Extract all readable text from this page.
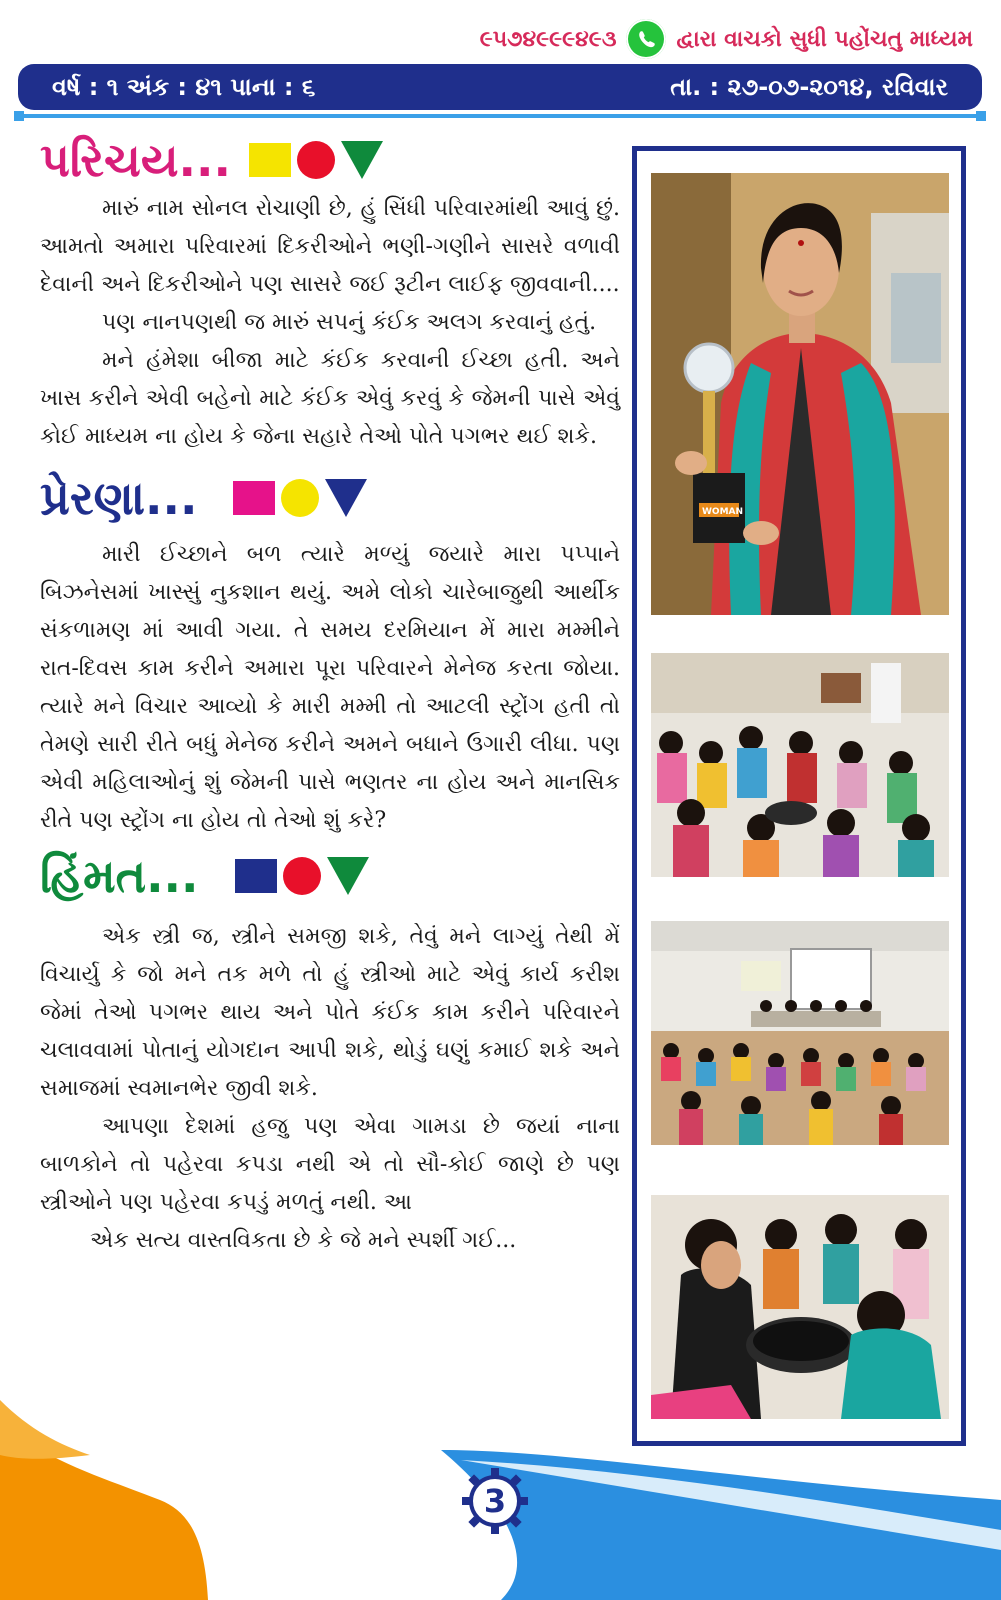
૯૫૭૪૯૯૯૪૯૩	દ્વારા વાચકો સુધી પહોંચતુ માધ્યમ
વર્ષ : ૧ અંક : ૪૧ પાના : ૬	તા. : ૨૭-૦૭-૨૦૧૪, રવિવાર
પરિચય...

મારું નામ સોનલ રોચાણી છે, હું સિંધી પરિવારમાંથી આવું છું. આમતો અમારા પરિવારમાં દિકરીઓને ભણી-ગણીને સાસરે વળાવી દેવાની અને દિકરીઓને પણ સાસરે જઈ રૂટીન લાઈફ જીવવાની....

પણ નાનપણથી જ મારું સપનું કંઈક અલગ કરવાનું હતું.

મને હંમેશા બીજા માટે કંઈક કરવાની ઈચ્છા હતી. અને ખાસ કરીને એવી બહેનો માટે કંઈક એવું કરવું કે જેમની પાસે એવું કોઈ માધ્યમ ના હોય કે જેના સહારે તેઓ પોતે પગભર થઈ શકે.

પ્રેરણા...

મારી ઈચ્છાને બળ ત્યારે મળ્યું જયારે મારા પપ્પાને બિઝનેસમાં ખાસ્સું નુકશાન થયું. અમે લોકો ચારેબાજુથી આર્થીક સંકળામણ માં આવી ગયા. તે સમય દરમિયાન મેં મારા મમ્મીને રાત-દિવસ કામ કરીને અમારા પૂરા પરિવારને મેનેજ કરતા જોયા. ત્યારે મને વિચાર આવ્યો કે મારી મમ્મી તો આટલી સ્ટ્રોંગ હતી તો તેમણે સારી રીતે બધું મેનેજ કરીને અમને બધાને ઉગારી લીધા. પણ એવી મહિલાઓનું શું જેમની પાસે ભણતર ના હોય અને માનસિક રીતે પણ સ્ટ્રોંગ ના હોય તો તેઓ શું કરે?

હિંમત...

એક સ્ત્રી જ, સ્ત્રીને સમજી શકે, તેવું મને લાગ્યું તેથી મેં વિચાર્યુ કે જો મને તક મળે તો હું સ્ત્રીઓ માટે એવું કાર્ય કરીશ જેમાં તેઓ પગભર થાય અને પોતે કંઈક કામ કરીને પરિવારને ચલાવવામાં પોતાનું યોગદાન આપી શકે, થોડું ઘણું કમાઈ શકે અને સમાજમાં સ્વમાનભેર જીવી શકે.

આપણા દેશમાં હજુ પણ એવા ગામડા છે જયાં નાના બાળકોને તો પહેરવા કપડા નથી એ તો સૌ-કોઈ જાણે છે પણ સ્ત્રીઓને પણ પહેરવા કપડું મળતું નથી. આ

એક સત્ય વાસ્તવિકતા છે કે જે મને સ્પર્શી ગઈ...

WOMAN
3
